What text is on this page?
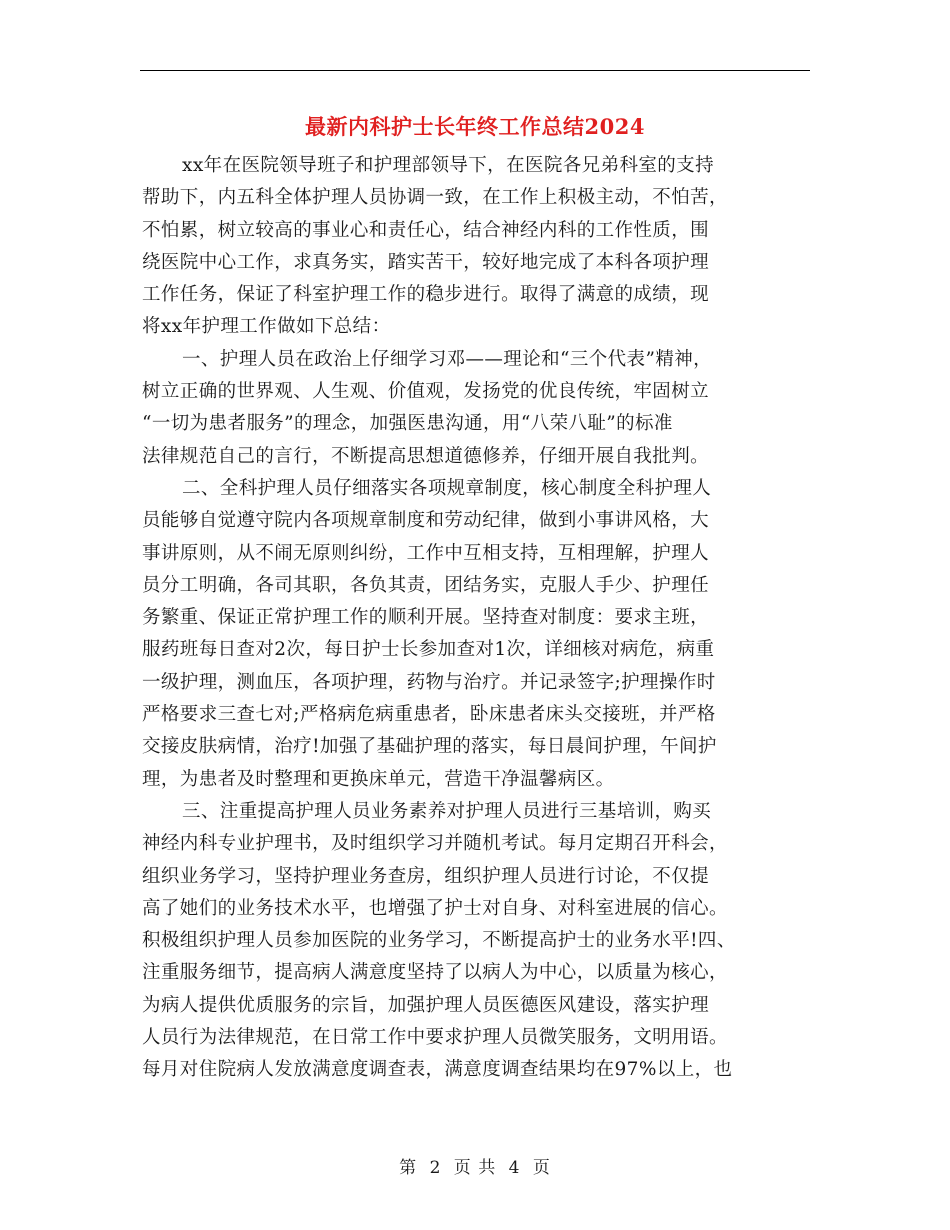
最新内科护士长年终工作总结2024
xx年在医院领导班子和护理部领导下，在医院各兄弟科室的支持
帮助下，内五科全体护理人员协调一致，在工作上积极主动，不怕苦，
不怕累，树立较高的事业心和责任心，结合神经内科的工作性质，围
绕医院中心工作，求真务实，踏实苦干，较好地完成了本科各项护理
工作任务，保证了科室护理工作的稳步进行。取得了满意的成绩，现
将xx年护理工作做如下总结：
一、护理人员在政治上仔细学习邓——理论和“三个代表”精神，
树立正确的世界观、人生观、价值观，发扬党的优良传统，牢固树立
“一切为患者服务”的理念，加强医患沟通，用“八荣八耻”的标准
法律规范自己的言行，不断提高思想道德修养，仔细开展自我批判。
二、全科护理人员仔细落实各项规章制度，核心制度全科护理人
员能够自觉遵守院内各项规章制度和劳动纪律，做到小事讲风格，大
事讲原则，从不闹无原则纠纷，工作中互相支持，互相理解，护理人
员分工明确，各司其职，各负其责，团结务实，克服人手少、护理任
务繁重、保证正常护理工作的顺利开展。坚持查对制度：要求主班，
服药班每日查对2次，每日护士长参加查对1次，详细核对病危，病重
一级护理，测血压，各项护理，药物与治疗。并记录签字;护理操作时
严格要求三查七对;严格病危病重患者，卧床患者床头交接班，并严格
交接皮肤病情，治疗!加强了基础护理的落实，每日晨间护理，午间护
理，为患者及时整理和更换床单元，营造干净温馨病区。
三、注重提高护理人员业务素养对护理人员进行三基培训，购买
神经内科专业护理书，及时组织学习并随机考试。每月定期召开科会，
组织业务学习，坚持护理业务查房，组织护理人员进行讨论，不仅提
高了她们的业务技术水平，也增强了护士对自身、对科室进展的信心。
积极组织护理人员参加医院的业务学习，不断提高护士的业务水平!四、
注重服务细节，提高病人满意度坚持了以病人为中心，以质量为核心，
为病人提供优质服务的宗旨，加强护理人员医德医风建设，落实护理
人员行为法律规范，在日常工作中要求护理人员微笑服务，文明用语。
每月对住院病人发放满意度调查表，满意度调查结果均在97%以上，也
第 2 页 共 4 页
